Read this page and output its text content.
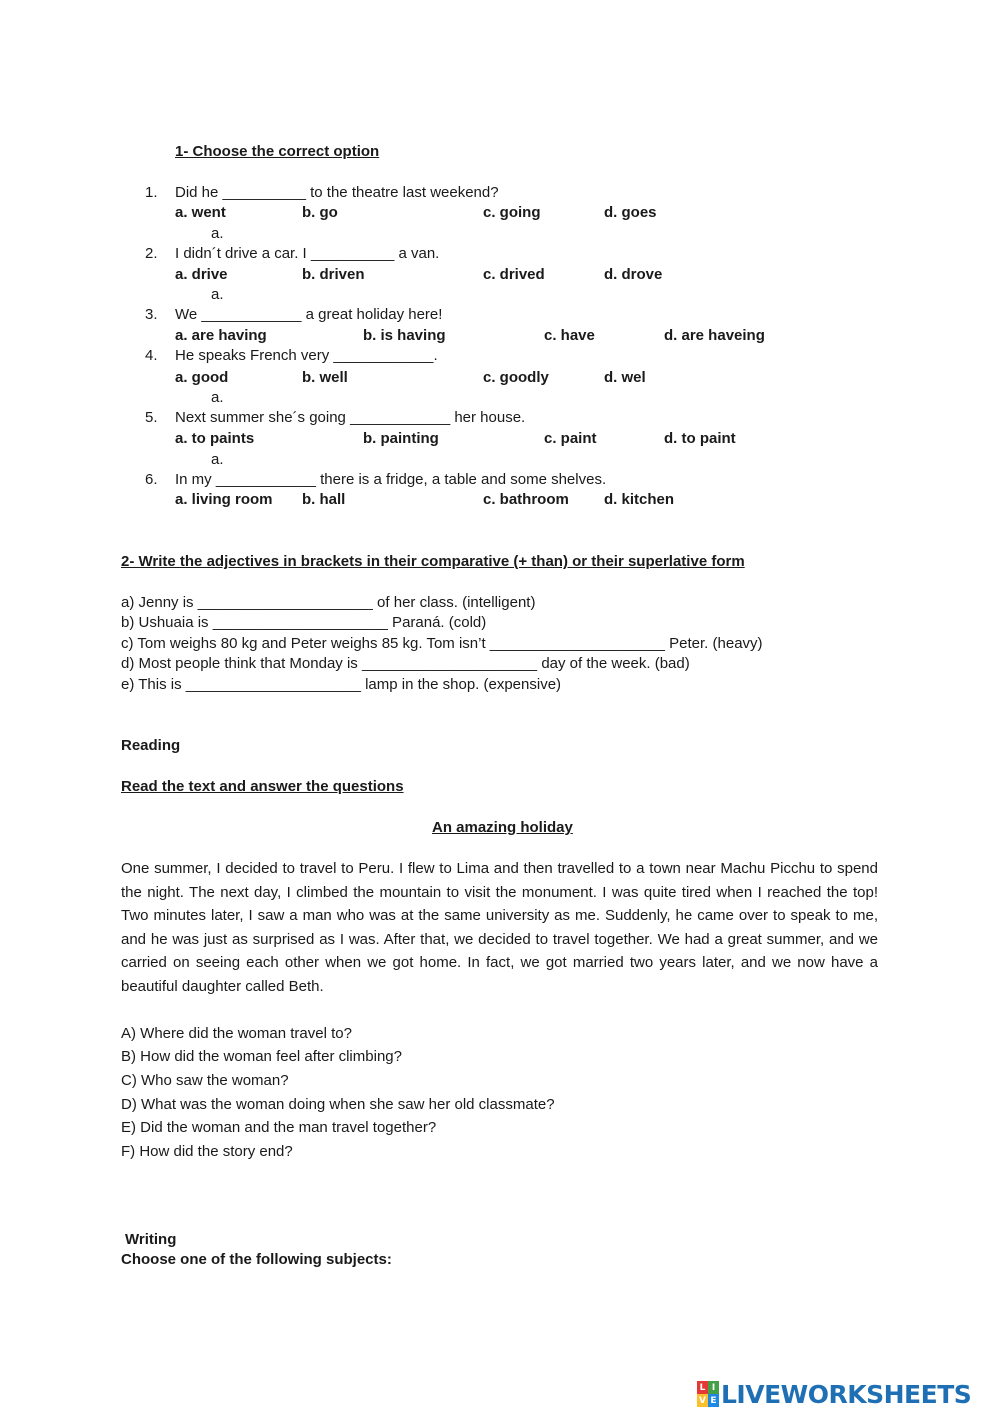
1- Choose the correct option
1.	Did he __________ to the theatre last weekend?
a. went	b. go	c. going	d. goes
a.
2.	I didn´t drive a car. I __________ a van.
a. drive	b. driven	c. drived	d. drove
a.
3.	We ____________ a great holiday here!
a. are having	b. is having	c. have	d. are haveing
4.	He speaks French very ____________.
a. good	b. well	c. goodly	d. wel
a.
5.	Next summer she´s going ____________ her house.
a. to paints	b. painting	c. paint	d. to paint
a.
6.	In my ____________ there is a fridge, a table and some shelves.
a. living room b. hall	c. bathroom d. kitchen
2- Write the adjectives in brackets in their comparative (+ than) or their superlative form
a) Jenny is _____________________ of her class. (intelligent)
b) Ushuaia is _____________________ Paraná. (cold)
c) Tom weighs 80 kg and Peter weighs 85 kg. Tom isn’t _____________________ Peter. (heavy)
d) Most people think that Monday is _____________________ day of the week. (bad)
e) This is _____________________ lamp in the shop. (expensive)
Reading
Read the text and answer the questions
An amazing holiday
One summer, I decided to travel to Peru. I flew to Lima and then travelled to a town near Machu Picchu to spend the night. The next day, I climbed the mountain to visit the monument. I was quite tired when I reached the top! Two minutes later, I saw a man who was at the same university as me. Suddenly, he came over to speak to me, and he was just as surprised as I was. After that, we decided to travel together. We had a great summer, and we carried on seeing each other when we got home. In fact, we got married two years later, and we now have a beautiful daughter called Beth.
A) Where did the woman travel to?
B) How did the woman feel after climbing?
C) Who saw the woman?
D) What was the woman doing when she saw her old classmate?
E) Did the woman and the man travel together?
F) How did the story end?
Writing
Choose one of the following subjects:
L I
V E LIVEWORKSHEETS
